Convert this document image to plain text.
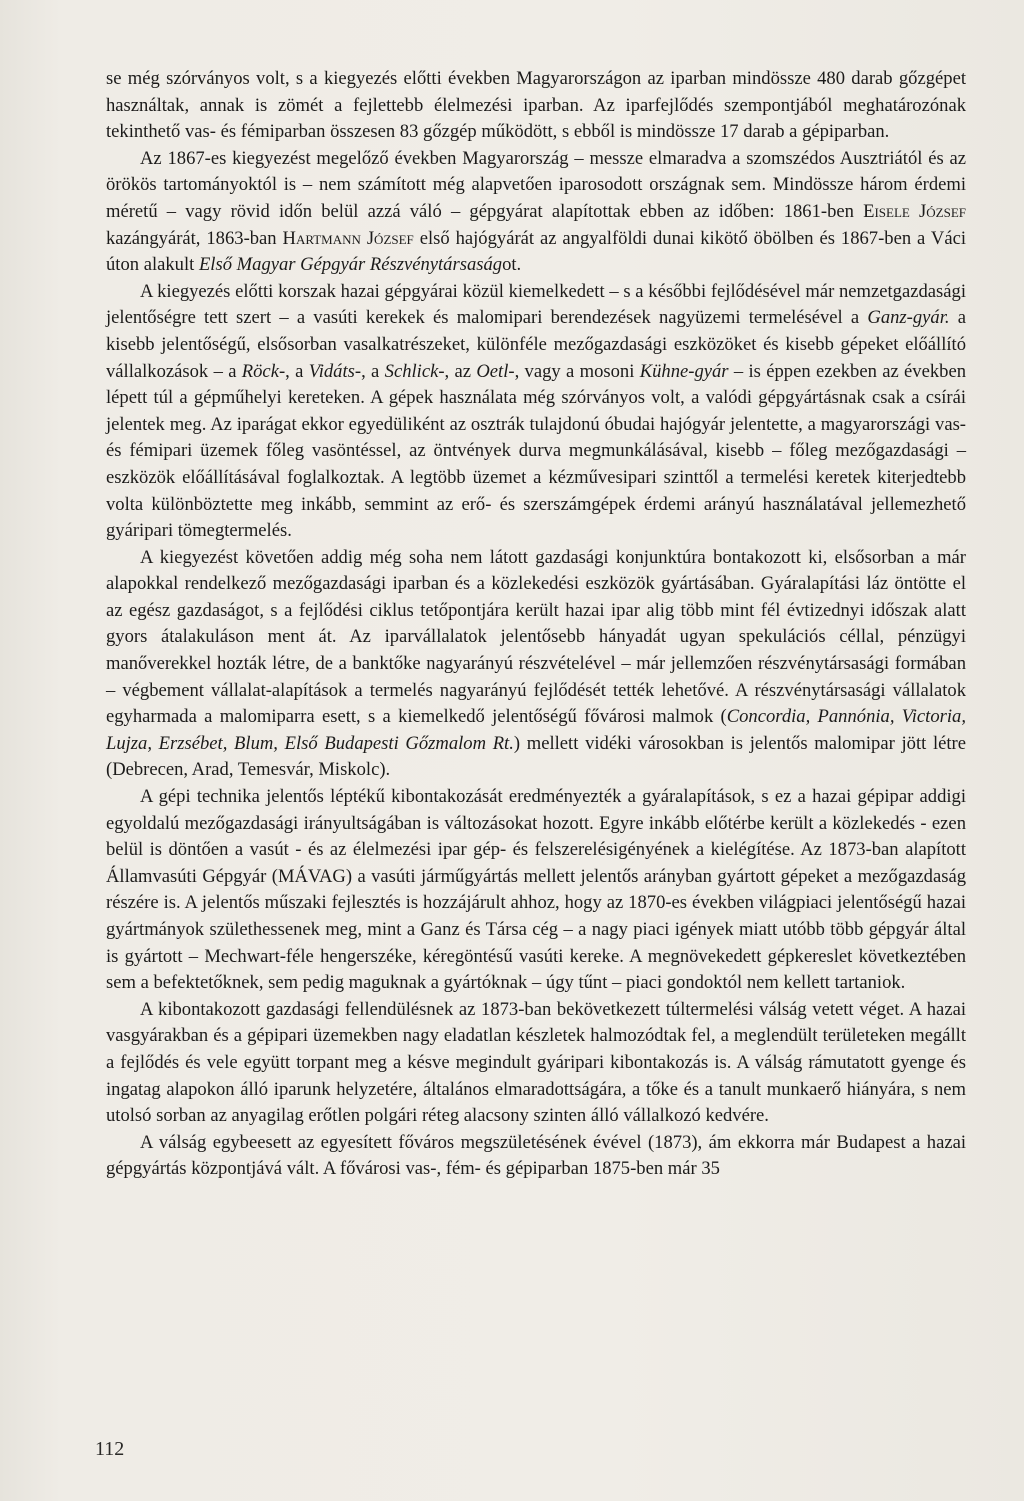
se még szórványos volt, s a kiegyezés előtti években Magyarországon az iparban mindössze 480 darab gőzgépet használtak, annak is zömét a fejlettebb élelmezési iparban. Az iparfejlődés szempontjából meghatározónak tekinthető vas- és fémiparban összesen 83 gőzgép működött, s ebből is mindössze 17 darab a gépiparban.

Az 1867-es kiegyezést megelőző években Magyarország – messze elmaradva a szomszédos Ausztriától és az örökös tartományoktól is – nem számított még alapvetően iparosodott országnak sem. Mindössze három érdemi méretű – vagy rövid időn belül azzá váló – gépgyárat alapítottak ebben az időben: 1861-ben Eisele József kazángyárát, 1863-ban Hartmann József első hajógyárát az angyalföldi dunai kikötő öbölben és 1867-ben a Váci úton alakult Első Magyar Gépgyár Részvénytársaságot.

A kiegyezés előtti korszak hazai gépgyárai közül kiemelkedett – s a későbbi fejlődésével már nemzetgazdasági jelentőségre tett szert – a vasúti kerekek és malomipari berendezések nagyüzemi termelésével a Ganz-gyár. a kisebb jelentőségű, elsősorban vasalkatrészeket, különféle mezőgazdasági eszközöket és kisebb gépeket előállító vállalkozások – a Röck-, a Vidáts-, a Schlick-, az Oetl-, vagy a mosoni Kühne-gyár – is éppen ezekben az években lépett túl a gépműhelyi kereteken. A gépek használata még szórványos volt, a valódi gépgyártásnak csak a csírái jelentek meg. Az iparágat ekkor egyedüliként az osztrák tulajdonú óbudai hajógyár jelentette, a magyarországi vas- és fémipari üzemek főleg vasöntéssel, az öntvények durva megmunkálásával, kisebb – főleg mezőgazdasági – eszközök előállításával foglalkoztak. A legtöbb üzemet a kézművesipari szinttől a termelési keretek kiterjedtebb volta különböztette meg inkább, semmint az erő- és szerszámgépek érdemi arányú használatával jellemezhető gyáripari tömegtermelés.

A kiegyezést követően addig még soha nem látott gazdasági konjunktúra bontakozott ki, elsősorban a már alapokkal rendelkező mezőgazdasági iparban és a közlekedési eszközök gyártásában. Gyáralapítási láz öntötte el az egész gazdaságot, s a fejlődési ciklus tetőpontjára került hazai ipar alig több mint fél évtizednyi időszak alatt gyors átalakuláson ment át. Az iparvállalatok jelentősebb hányadát ugyan spekulációs céllal, pénzügyi manőverekkel hozták létre, de a banktőke nagyarányú részvételével – már jellemzően részvénytársasági formában – végbement vállalat-alapítások a termelés nagyarányú fejlődését tették lehetővé. A részvénytársasági vállalatok egyharmada a malomiparra esett, s a kiemelkedő jelentőségű fővárosi malmok (Concordia, Pannónia, Victoria, Lujza, Erzsébet, Blum, Első Budapesti Gőzmalom Rt.) mellett vidéki városokban is jelentős malomipar jött létre (Debrecen, Arad, Temesvár, Miskolc).

A gépi technika jelentős léptékű kibontakozását eredményezték a gyáralapítások, s ez a hazai gépipar addigi egyoldalú mezőgazdasági irányultságában is változásokat hozott. Egyre inkább előtérbe került a közlekedés - ezen belül is döntően a vasút - és az élelmezési ipar gép- és felszerelésigényének a kielégítése. Az 1873-ban alapított Államvasúti Gépgyár (MÁVAG) a vasúti járműgyártás mellett jelentős arányban gyártott gépeket a mezőgazdaság részére is. A jelentős műszaki fejlesztés is hozzájárult ahhoz, hogy az 1870-es években világpiaci jelentőségű hazai gyártmányok születhessenek meg, mint a Ganz és Társa cég – a nagy piaci igények miatt utóbb több gépgyár által is gyártott – Mechwart-féle hengerszéke, kéregöntésű vasúti kereke. A megnövekedett gépkereslet következtében sem a befektetőknek, sem pedig maguknak a gyártóknak – úgy tűnt – piaci gondoktól nem kellett tartaniok.

A kibontakozott gazdasági fellendülésnek az 1873-ban bekövetkezett túltermelési válság vetett véget. A hazai vasgyárakban és a gépipari üzemekben nagy eladatlan készletek halmozódtak fel, a meglendült területeken megállt a fejlődés és vele együtt torpant meg a késve megindult gyáripari kibontakozás is. A válság rámutatott gyenge és ingatag alapokon álló iparunk helyzetére, általános elmaradottságára, a tőke és a tanult munkaerő hiányára, s nem utolsó sorban az anyagilag erőtlen polgári réteg alacsony szinten álló vállalkozó kedvére.

A válság egybeesett az egyesített főváros megszületésének évével (1873), ám ekkorra már Budapest a hazai gépgyártás központjává vált. A fővárosi vas-, fém- és gépiparban 1875-ben már 35

112
